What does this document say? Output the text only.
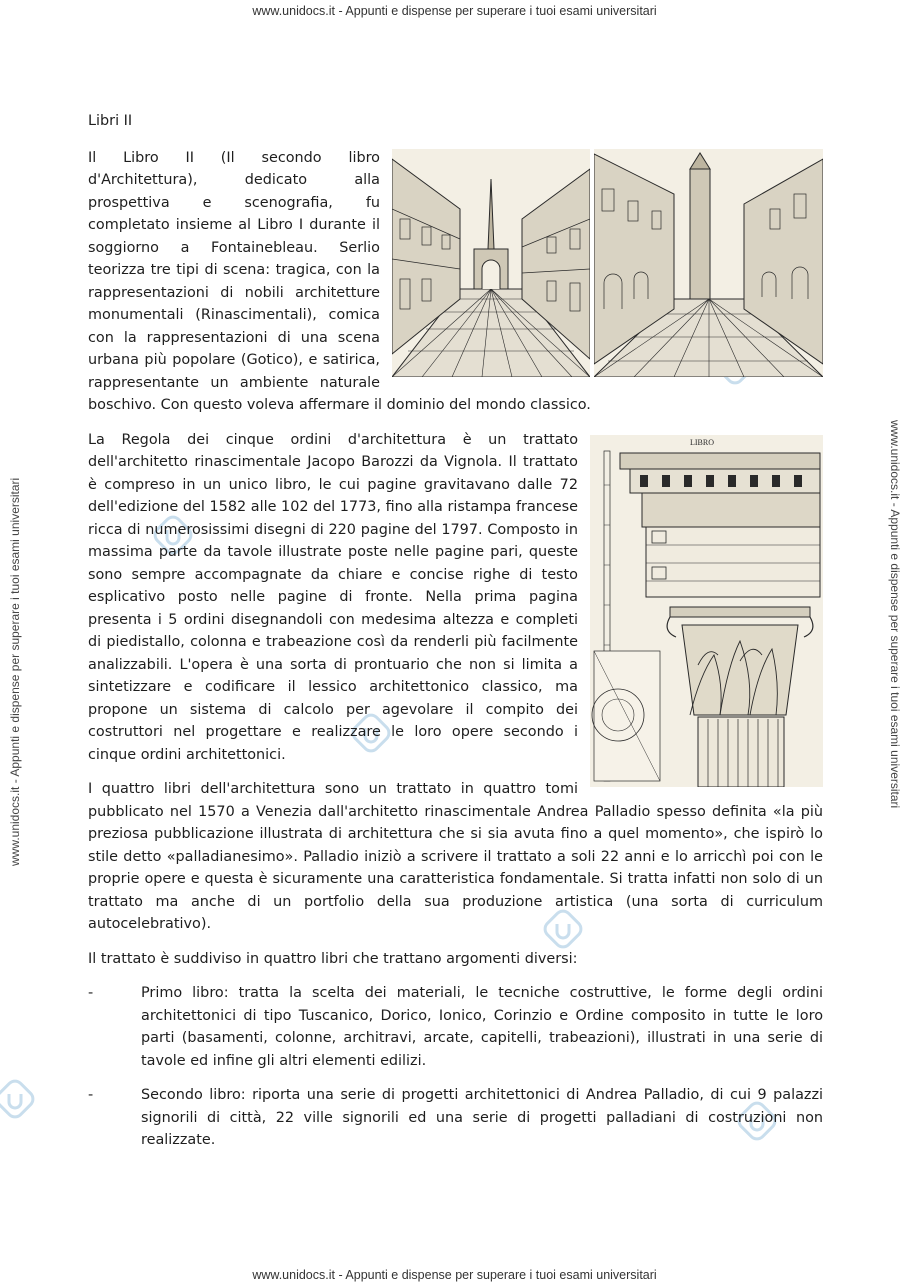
www.unidocs.it - Appunti e dispense per superare i tuoi esami universitari
www.unidocs.it - Appunti e dispense per superare i tuoi esami universitari	www.unidocs.it - Appunti e dispense per superare i tuoi esami universitari

Libri II

Il Libro II (Il secondo libro d'Architettura), dedicato alla prospettiva e scenografia, fu completato insieme al Libro I durante il soggiorno a Fontainebleau. Serlio teorizza tre tipi di scena: tragica, con la rappresentazioni di nobili architetture monumentali (Rinascimentali), comica con la rappresentazioni di una scena urbana più popolare (Gotico), e satirica, rappresentante un ambiente naturale boschivo. Con questo voleva affermare il dominio del mondo classico.

LIBRO
La Regola dei cinque ordini d'architettura è un trattato dell'architetto rinascimentale Jacopo Barozzi da Vignola. Il trattato è compreso in un unico libro, le cui pagine gravitavano dalle 72 dell'edizione del 1582 alle 102 del 1773, fino alla ristampa francese ricca di numerosissimi disegni di 220 pagine del 1797. Composto in massima parte da tavole illustrate poste nelle pagine pari, queste sono sempre accompagnate da chiare e concise righe di testo esplicativo posto nelle pagine di fronte. Nella prima pagina presenta i 5 ordini disegnandoli con medesima altezza e completi di piedistallo, colonna e trabeazione così da renderli più facilmente analizzabili. L'opera è una sorta di prontuario che non si limita a sintetizzare e codificare il lessico architettonico classico, ma propone un sistema di calcolo per agevolare il compito dei costruttori nel progettare e realizzare le loro opere secondo i cinque ordini architettonici.

I quattro libri dell'architettura sono un trattato in quattro tomi pubblicato nel 1570 a Venezia dall'architetto rinascimentale Andrea Palladio spesso definita «la più preziosa pubblicazione illustrata di architettura che si sia avuta fino a quel momento», che ispirò lo stile detto «palladianesimo». Palladio iniziò a scrivere il trattato a soli 22 anni e lo arricchì poi con le proprie opere e questa è sicuramente una caratteristica fondamentale. Si tratta infatti non solo di un trattato ma anche di un portfolio della sua produzione artistica (una sorta di curriculum autocelebrativo).

Il trattato è suddiviso in quattro libri che trattano argomenti diversi:

-	Primo libro: tratta la scelta dei materiali, le tecniche costruttive, le forme degli ordini architettonici di tipo Tuscanico, Dorico, Ionico, Corinzio e Ordine composito in tutte le loro parti (basamenti, colonne, architravi, arcate, capitelli, trabeazioni), illustrati in una serie di tavole ed infine gli altri elementi edilizi.

-	Secondo libro: riporta una serie di progetti architettonici di Andrea Palladio, di cui 9 palazzi signorili di città, 22 ville signorili ed una serie di progetti palladiani di costruzioni non realizzate.

www.unidocs.it - Appunti e dispense per superare i tuoi esami universitari
